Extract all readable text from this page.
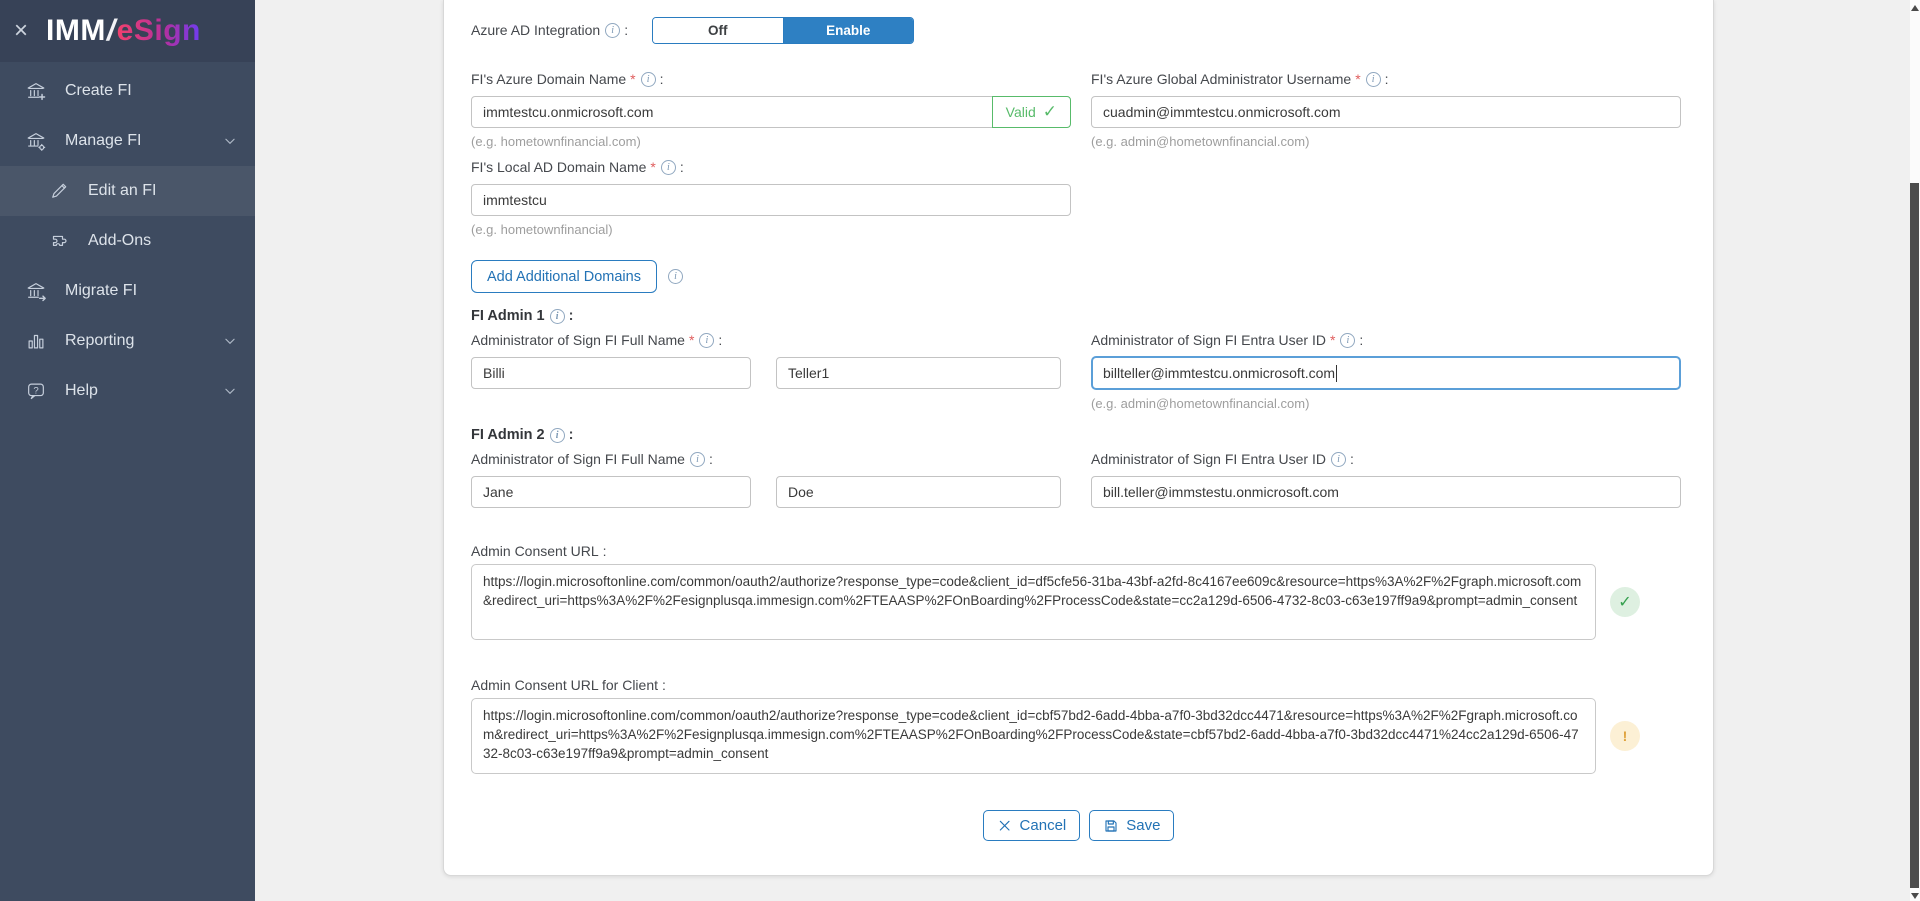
× IMM/eSign
Create FI
Manage FI
Edit an FI
Add-Ons
Migrate FI
Reporting
? Help
Azure AD Integration i :	Off	Enable
FI's Azure Domain Name * i :
immtestcu.onmicrosoft.com
Valid ✓
(e.g. hometownfinancial.com)
FI's Azure Global Administrator Username * i :
cuadmin@immtestcu.onmicrosoft.com
(e.g. admin@hometownfinancial.com)
FI's Local AD Domain Name * i :
immtestcu
(e.g. hometownfinancial)
Add Additional Domains	i
FI Admin 1 i :
Administrator of Sign FI Full Name * i :
Billi
Teller1	Administrator of Sign FI Entra User ID * i :
billteller@immtestcu.onmicrosoft.com
(e.g. admin@hometownfinancial.com)
FI Admin 2 i :
Administrator of Sign FI Full Name i :
Jane
Doe	Administrator of Sign FI Entra User ID i :
bill.teller@immstestu.onmicrosoft.com
Admin Consent URL :
https://login.microsoftonline.com/common/oauth2/authorize?response_type=code&client_id=df5cfe56-31ba-43bf-a2fd-8c4167ee609c&resource=https%3A%2F%2Fgraph.microsoft.com&redirect_uri=https%3A%2F%2Fesignplusqa.immesign.com%2FTEAASP%2FOnBoarding%2FProcessCode&state=cc2a129d-6506-4732-8c03-c63e197ff9a9&prompt=admin_consent	✓
Admin Consent URL for Client :
https://login.microsoftonline.com/common/oauth2/authorize?response_type=code&client_id=cbf57bd2-6add-4bba-a7f0-3bd32dcc4471&resource=https%3A%2F%2Fgraph.microsoft.com&redirect_uri=https%3A%2F%2Fesignplusqa.immesign.com%2FTEAASP%2FOnBoarding%2FProcessCode&state=cbf57bd2-6add-4bba-a7f0-3bd32dcc4471%24cc2a129d-6506-4732-8c03-c63e197ff9a9&prompt=admin_consent
!
Cancel	Save
